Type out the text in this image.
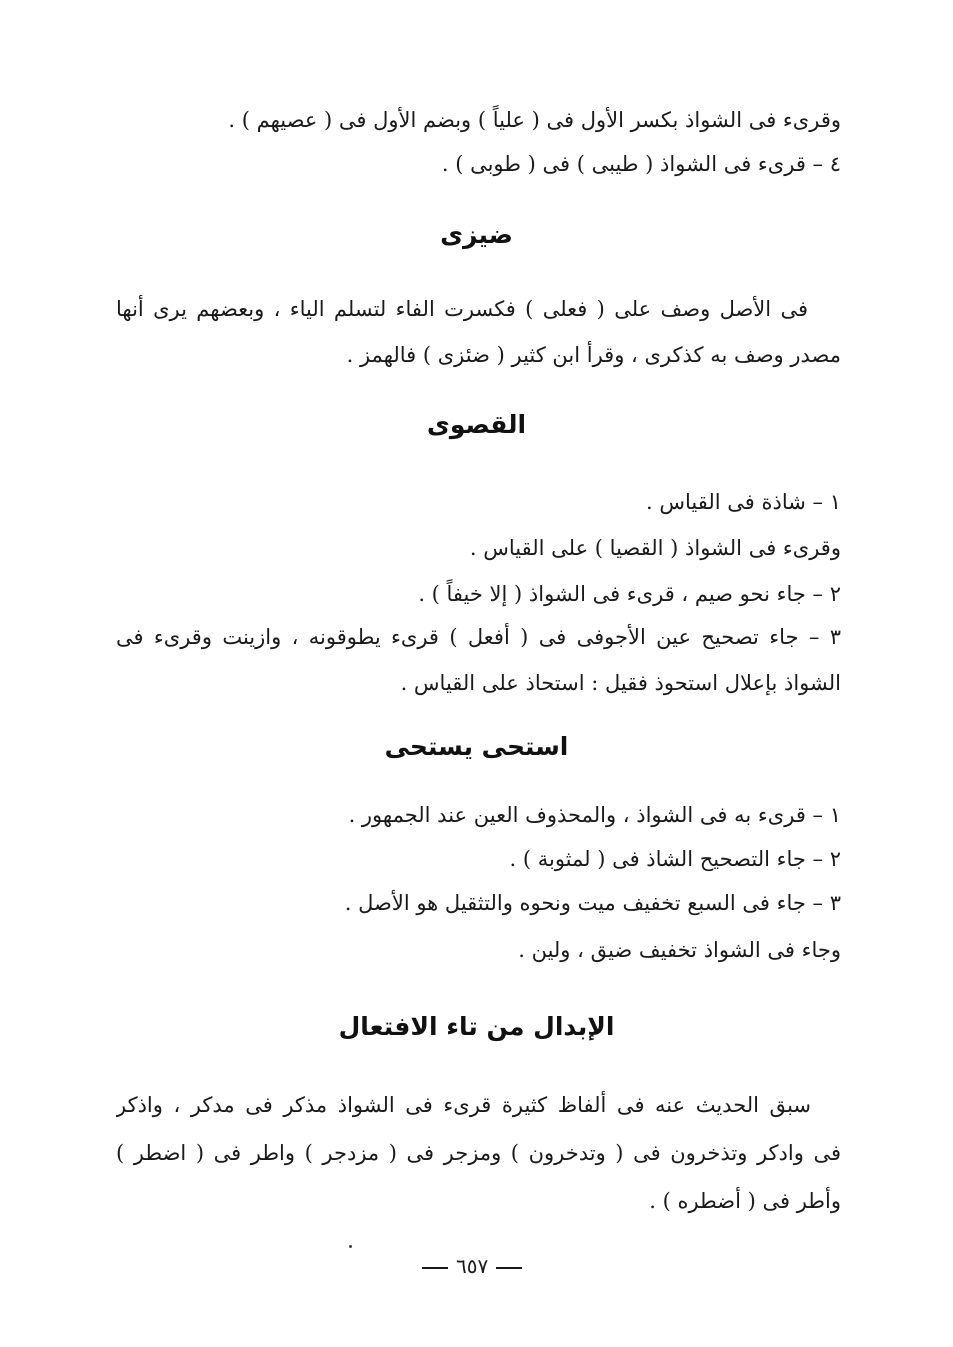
وقرىء فى الشواذ بكسر الأول فى ( علياً ) وبضم الأول فى ( عصيهم ) .
٤ – قرىء فى الشواذ ( طيبى ) فى ( طوبى ) .
ضيزى
فى الأصل وصف على ( فعلى ) فكسرت الفاء لتسلم الياء ، وبعضهم يرى أنها
مصدر وصف به كذكرى ، وقرأ ابن كثير ( ضئزى ) فالهمز .
القصوى
١ – شاذة فى القياس .
وقرىء فى الشواذ ( القصيا ) على القياس .
٢ – جاء نحو صيم ، قرىء فى الشواذ ( إلا خيفاً ) .
٣ – جاء تصحيح عين الأجوفى فى ( أفعل ) قرىء يطوقونه ، وازينت وقرىء فى
الشواذ بإعلال استحوذ فقيل : استحاذ على القياس .
استحى يستحى
١ – قرىء به فى الشواذ ، والمحذوف العين عند الجمهور .
٢ – جاء التصحيح الشاذ فى ( لمثوبة ) .
٣ – جاء فى السبع تخفيف ميت ونحوه والتثقيل هو الأصل .
وجاء فى الشواذ تخفيف ضيق ، ولين .
الإبدال من تاء الافتعال
سبق الحديث عنه فى ألفاظ كثيرة قرىء فى الشواذ مذكر فى مدكر ، واذكر
فى وادكر وتذخرون فى ( وتدخرون ) ومزجر فى ( مزدجر ) واطر فى ( اضطر )
وأطر فى ( أضطره ) .
٦٥٧
